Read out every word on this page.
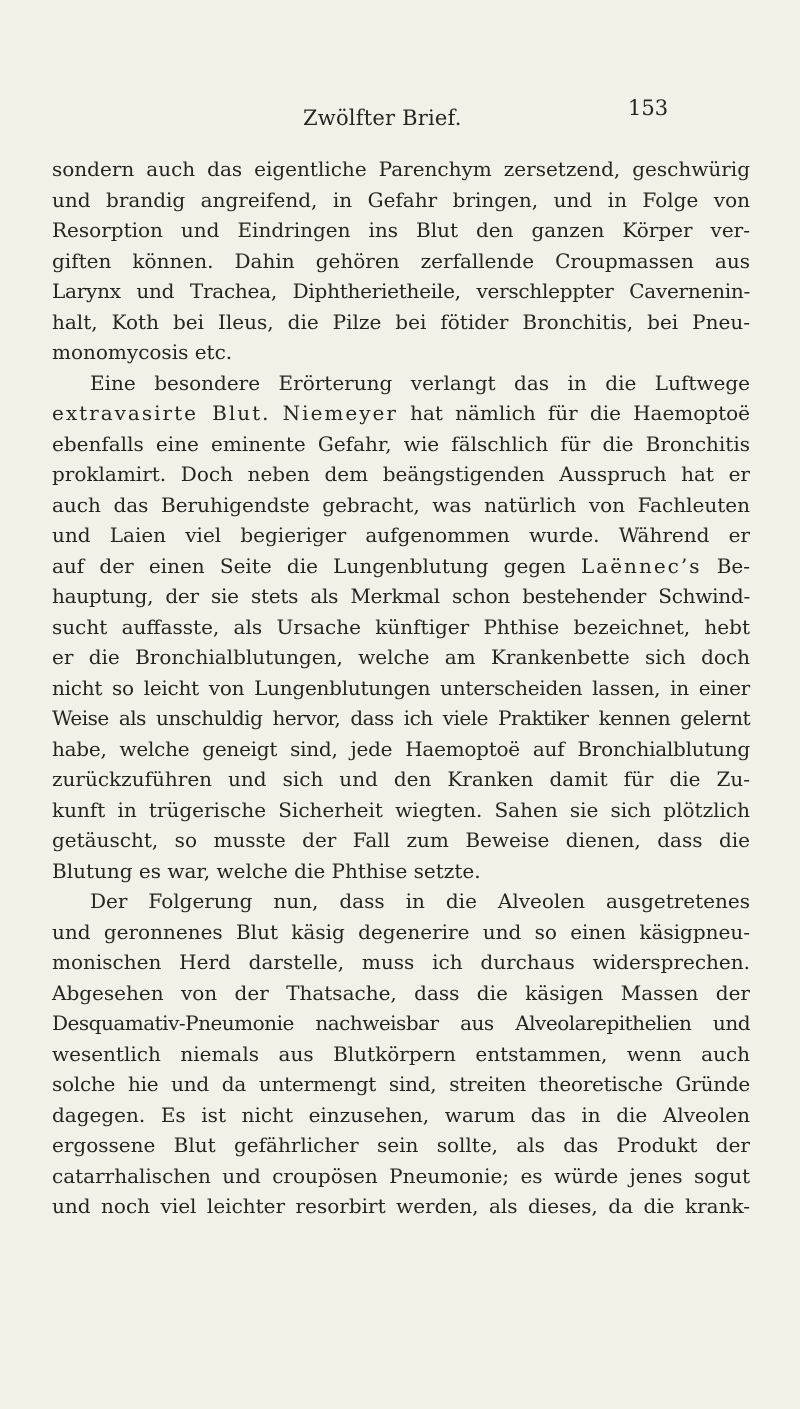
Zwölfter Brief.	153
sondern auch das eigentliche Parenchym zersetzend, geschwürig
und brandig angreifend, in Gefahr bringen, und in Folge von
Resorption und Eindringen ins Blut den ganzen Körper ver-
giften können. Dahin gehören zerfallende Croupmassen aus
Larynx und Trachea, Diphtherietheile, verschleppter Cavernenin-
halt, Koth bei Ileus, die Pilze bei fötider Bronchitis, bei Pneu-
monomycosis etc.
Eine besondere Erörterung verlangt das in die Luftwege
extravasirte Blut. Niemeyer hat nämlich für die Haemoptoë
ebenfalls eine eminente Gefahr, wie fälschlich für die Bronchitis
proklamirt. Doch neben dem beängstigenden Ausspruch hat er
auch das Beruhigendste gebracht, was natürlich von Fachleuten
und Laien viel begieriger aufgenommen wurde. Während er
auf der einen Seite die Lungenblutung gegen Laënnec’s Be-
hauptung, der sie stets als Merkmal schon bestehender Schwind-
sucht auffasste, als Ursache künftiger Phthise bezeichnet, hebt
er die Bronchialblutungen, welche am Krankenbette sich doch
nicht so leicht von Lungenblutungen unterscheiden lassen, in einer
Weise als unschuldig hervor, dass ich viele Praktiker kennen gelernt
habe, welche geneigt sind, jede Haemoptoë auf Bronchialblutung
zurückzuführen und sich und den Kranken damit für die Zu-
kunft in trügerische Sicherheit wiegten. Sahen sie sich plötzlich
getäuscht, so musste der Fall zum Beweise dienen, dass die
Blutung es war, welche die Phthise setzte.
Der Folgerung nun, dass in die Alveolen ausgetretenes
und geronnenes Blut käsig degenerire und so einen käsigpneu-
monischen Herd darstelle, muss ich durchaus widersprechen.
Abgesehen von der Thatsache, dass die käsigen Massen der
Desquamativ-Pneumonie nachweisbar aus Alveolarepithelien und
wesentlich niemals aus Blutkörpern entstammen, wenn auch
solche hie und da untermengt sind, streiten theoretische Gründe
dagegen. Es ist nicht einzusehen, warum das in die Alveolen
ergossene Blut gefährlicher sein sollte, als das Produkt der
catarrhalischen und croupösen Pneumonie; es würde jenes sogut
und noch viel leichter resorbirt werden, als dieses, da die krank-
